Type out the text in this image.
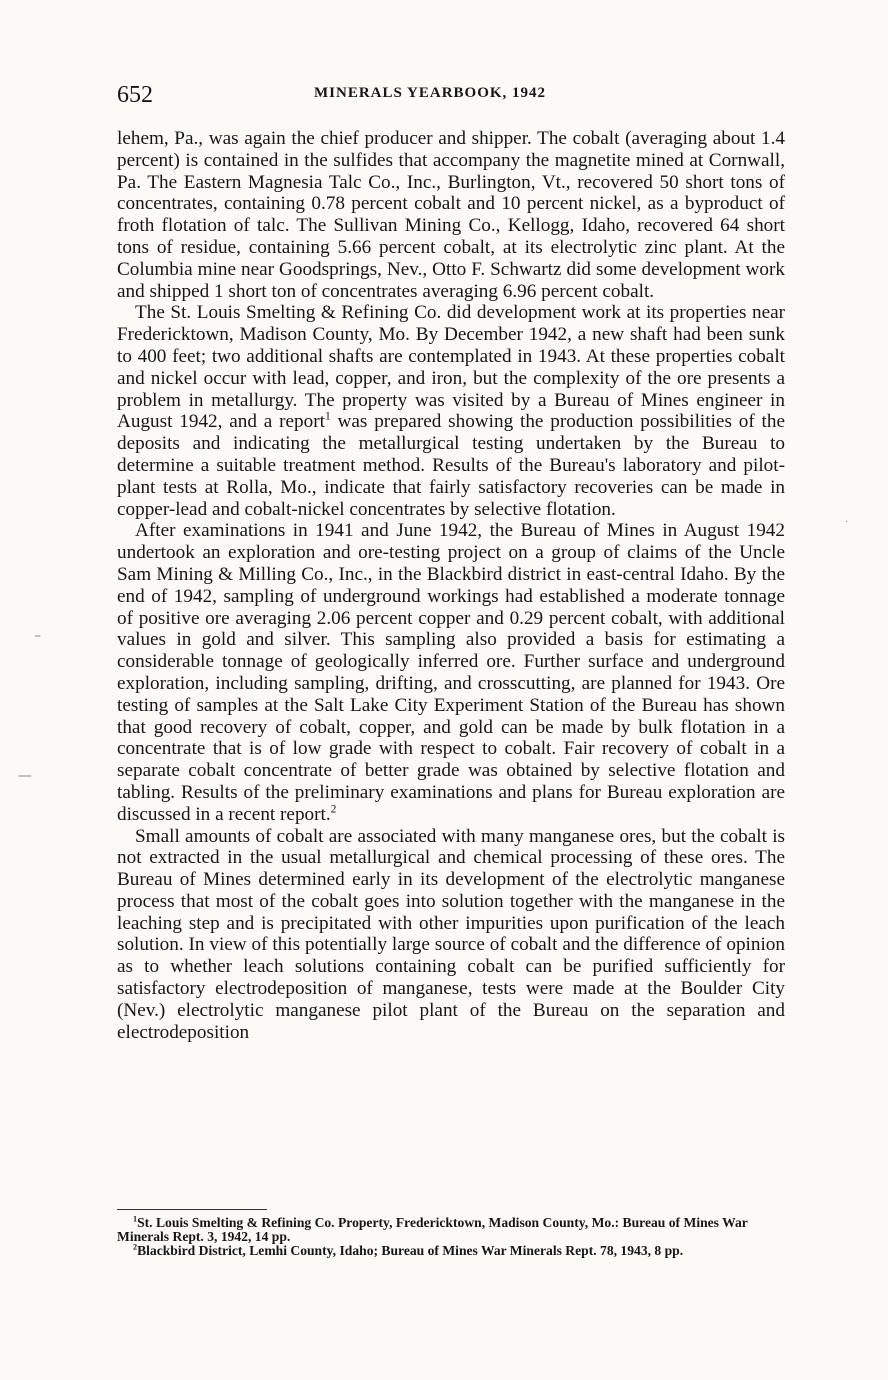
652	MINERALS YEARBOOK, 1942

lehem, Pa., was again the chief producer and shipper. The cobalt (averaging about 1.4 percent) is contained in the sulfides that accompany the magnetite mined at Cornwall, Pa. The Eastern Magnesia Talc Co., Inc., Burlington, Vt., recovered 50 short tons of concentrates, containing 0.78 percent cobalt and 10 percent nickel, as a byproduct of froth flotation of talc. The Sullivan Mining Co., Kellogg, Idaho, recovered 64 short tons of residue, containing 5.66 percent cobalt, at its electrolytic zinc plant. At the Columbia mine near Goodsprings, Nev., Otto F. Schwartz did some development work and shipped 1 short ton of concentrates averaging 6.96 percent cobalt.

The St. Louis Smelting & Refining Co. did development work at its properties near Fredericktown, Madison County, Mo. By December 1942, a new shaft had been sunk to 400 feet; two additional shafts are contemplated in 1943. At these properties cobalt and nickel occur with lead, copper, and iron, but the complexity of the ore presents a problem in metallurgy. The property was visited by a Bureau of Mines engineer in August 1942, and a report$^1$ was prepared showing the production possibilities of the deposits and indicating the metallurgical testing undertaken by the Bureau to determine a suitable treatment method. Results of the Bureau's laboratory and pilot-plant tests at Rolla, Mo., indicate that fairly satisfactory recoveries can be made in copper-lead and cobalt-nickel concentrates by selective flotation.

After examinations in 1941 and June 1942, the Bureau of Mines in August 1942 undertook an exploration and ore-testing project on a group of claims of the Uncle Sam Mining & Milling Co., Inc., in the Blackbird district in east-central Idaho. By the end of 1942, sampling of underground workings had established a moderate tonnage of positive ore averaging 2.06 percent copper and 0.29 percent cobalt, with additional values in gold and silver. This sampling also provided a basis for estimating a considerable tonnage of geologically inferred ore. Further surface and underground exploration, including sampling, drifting, and crosscutting, are planned for 1943. Ore testing of samples at the Salt Lake City Experiment Station of the Bureau has shown that good recovery of cobalt, copper, and gold can be made by bulk flotation in a concentrate that is of low grade with respect to cobalt. Fair recovery of cobalt in a separate cobalt concentrate of better grade was obtained by selective flotation and tabling. Results of the preliminary examinations and plans for Bureau exploration are discussed in a recent report.$^2$

Small amounts of cobalt are associated with many manganese ores, but the cobalt is not extracted in the usual metallurgical and chemical processing of these ores. The Bureau of Mines determined early in its development of the electrolytic manganese process that most of the cobalt goes into solution together with the manganese in the leaching step and is precipitated with other impurities upon purification of the leach solution. In view of this potentially large source of cobalt and the difference of opinion as to whether leach solutions containing cobalt can be purified sufficiently for satisfactory electrodeposition of manganese, tests were made at the Boulder City (Nev.) electrolytic manganese pilot plant of the Bureau on the separation and electrodeposition

$^1$St. Louis Smelting & Refining Co. Property, Fredericktown, Madison County, Mo.: Bureau of Mines War Minerals Rept. 3, 1942, 14 pp.

$^2$Blackbird District, Lemhi County, Idaho; Bureau of Mines War Minerals Rept. 78, 1943, 8 pp.

–
—
·
